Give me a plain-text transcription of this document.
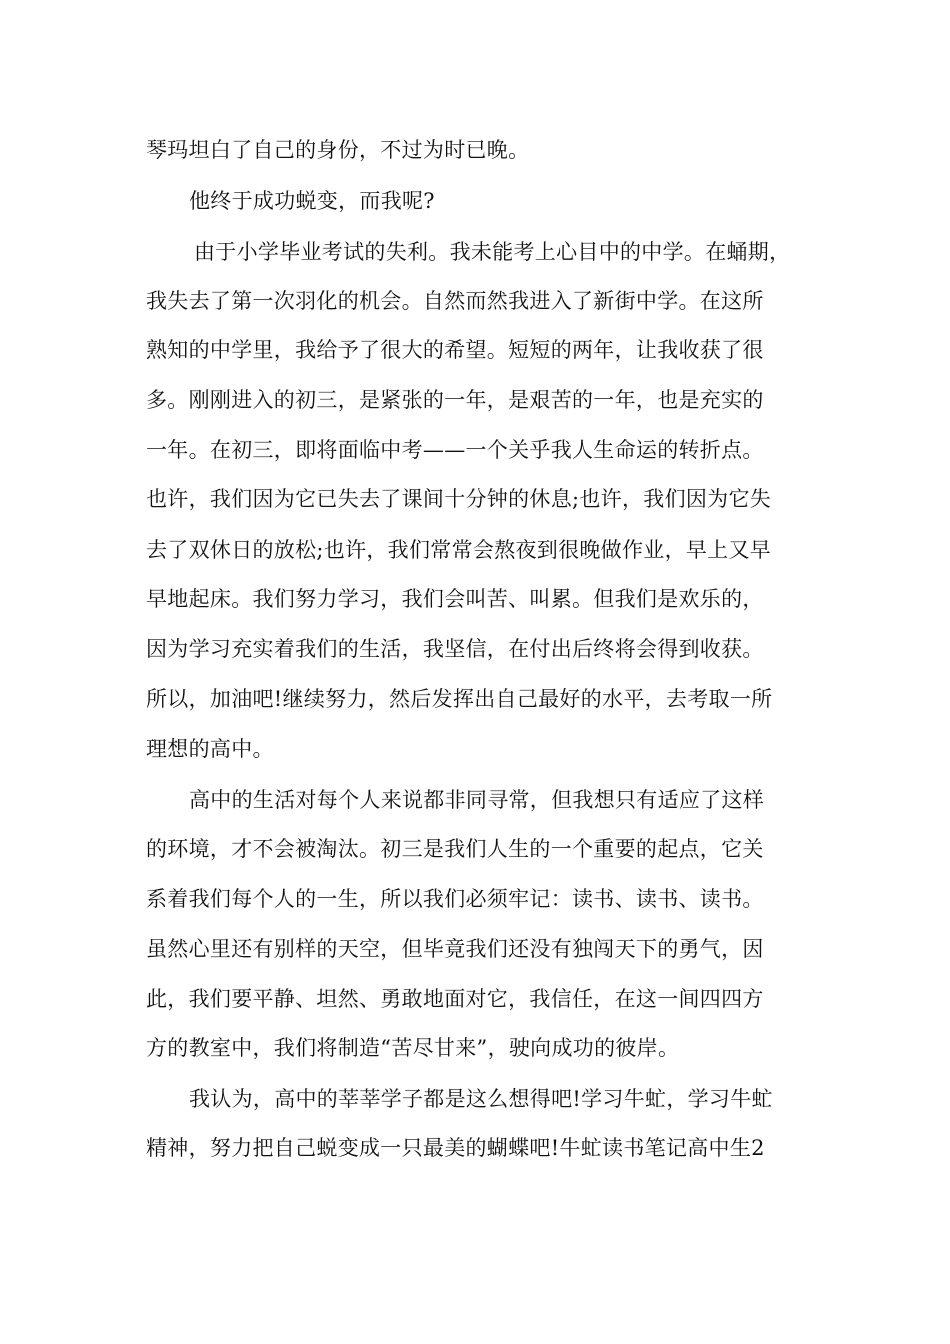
琴玛坦白了自己的身份，不过为时已晚。
他终于成功蜕变，而我呢?
由于小学毕业考试的失利。我未能考上心目中的中学。在蛹期，
我失去了第一次羽化的机会。自然而然我进入了新街中学。在这所
熟知的中学里，我给予了很大的希望。短短的两年，让我收获了很
多。刚刚进入的初三，是紧张的一年，是艰苦的一年，也是充实的
一年。在初三，即将面临中考——一个关乎我人生命运的转折点。
也许，我们因为它已失去了课间十分钟的休息;也许，我们因为它失
去了双休日的放松;也许，我们常常会熬夜到很晚做作业，早上又早
早地起床。我们努力学习，我们会叫苦、叫累。但我们是欢乐的，
因为学习充实着我们的生活，我坚信，在付出后终将会得到收获。
所以，加油吧!继续努力，然后发挥出自己最好的水平，去考取一所
理想的高中。
高中的生活对每个人来说都非同寻常，但我想只有适应了这样
的环境，才不会被淘汰。初三是我们人生的一个重要的起点，它关
系着我们每个人的一生，所以我们必须牢记：读书、读书、读书。
虽然心里还有别样的天空，但毕竟我们还没有独闯天下的勇气，因
此，我们要平静、坦然、勇敢地面对它，我信任，在这一间四四方
方的教室中，我们将制造“苦尽甘来”，驶向成功的彼岸。
我认为，高中的莘莘学子都是这么想得吧!学习牛虻，学习牛虻
精神，努力把自己蜕变成一只最美的蝴蝶吧!牛虻读书笔记高中生2
